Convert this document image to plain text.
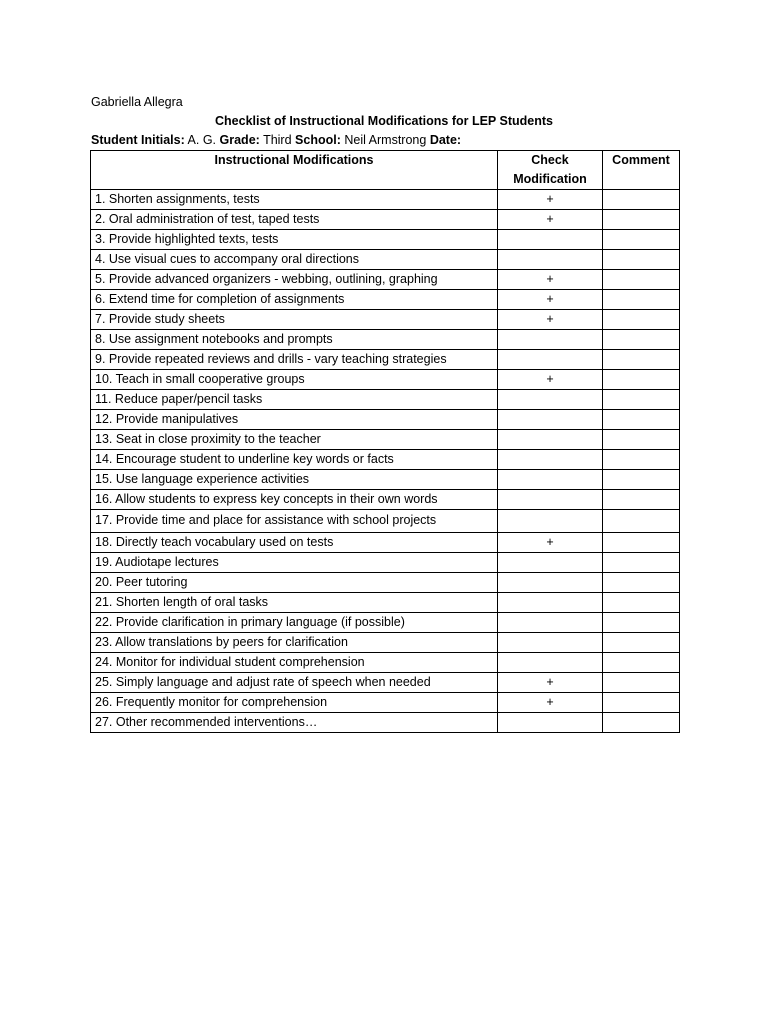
Gabriella Allegra
Checklist of Instructional Modifications for LEP Students
Student Initials: A. G. Grade: Third School: Neil Armstrong Date:
Instructional Modifications	Check Modification	Comment
1. Shorten assignments, tests	+	
2. Oral administration of test, taped tests	+	
3. Provide highlighted texts, tests		
4. Use visual cues to accompany oral directions		
5. Provide advanced organizers - webbing, outlining, graphing	+	
6. Extend time for completion of assignments	+	
7. Provide study sheets	+	
8. Use assignment notebooks and prompts		
9. Provide repeated reviews and drills - vary teaching strategies		
10. Teach in small cooperative groups	+	
11. Reduce paper/pencil tasks		
12. Provide manipulatives		
13. Seat in close proximity to the teacher		
14. Encourage student to underline key words or facts		
15. Use language experience activities		
16. Allow students to express key concepts in their own words		
17. Provide time and place for assistance with school projects		
18. Directly teach vocabulary used on tests	+	
19. Audiotape lectures		
20. Peer tutoring		
21. Shorten length of oral tasks		
22. Provide clarification in primary language (if possible)		
23. Allow translations by peers for clarification		
24. Monitor for individual student comprehension		
25. Simply language and adjust rate of speech when needed	+	
26. Frequently monitor for comprehension	+	
27. Other recommended interventions…		
